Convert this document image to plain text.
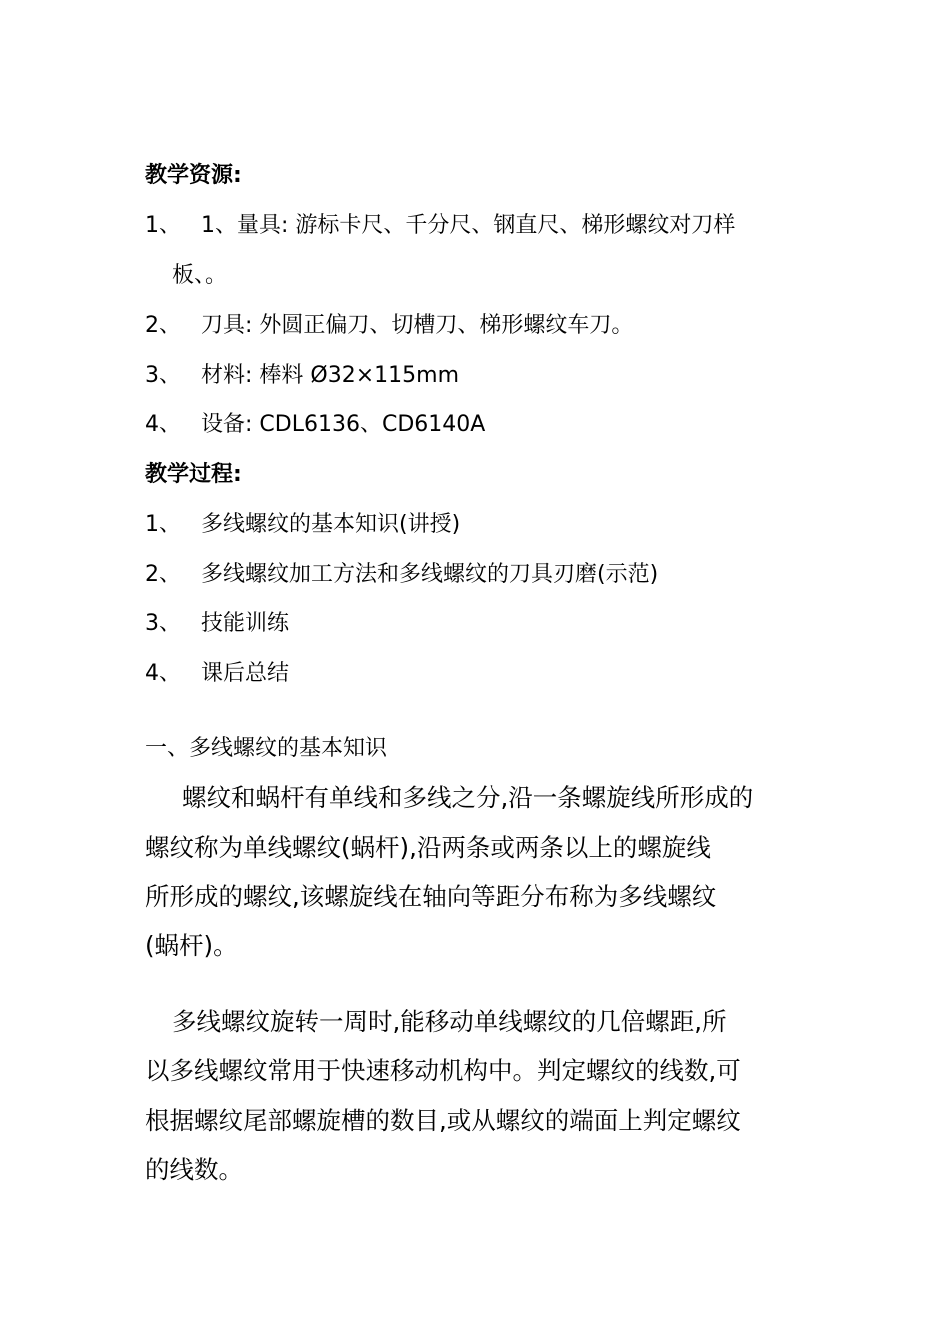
教学资源:
1、 1、量具: 游标卡尺、千分尺、钢直尺、梯形螺纹对刀样
板、。
2、 刀具: 外圆正偏刀、切槽刀、梯形螺纹车刀。
3、 材料: 棒料 Ø32×115mm
4、 设备: CDL6136、CD6140A
教学过程:
1、 多线螺纹的基本知识(讲授)
2、 多线螺纹加工方法和多线螺纹的刀具刃磨(示范)
3、 技能训练
4、 课后总结
一、多线螺纹的基本知识
螺纹和蜗杆有单线和多线之分,沿一条螺旋线所形成的
螺纹称为单线螺纹(蜗杆),沿两条或两条以上的螺旋线
所形成的螺纹,该螺旋线在轴向等距分布称为多线螺纹
(蜗杆)。
多线螺纹旋转一周时,能移动单线螺纹的几倍螺距,所
以多线螺纹常用于快速移动机构中。判定螺纹的线数,可
根据螺纹尾部螺旋槽的数目,或从螺纹的端面上判定螺纹
的线数。
